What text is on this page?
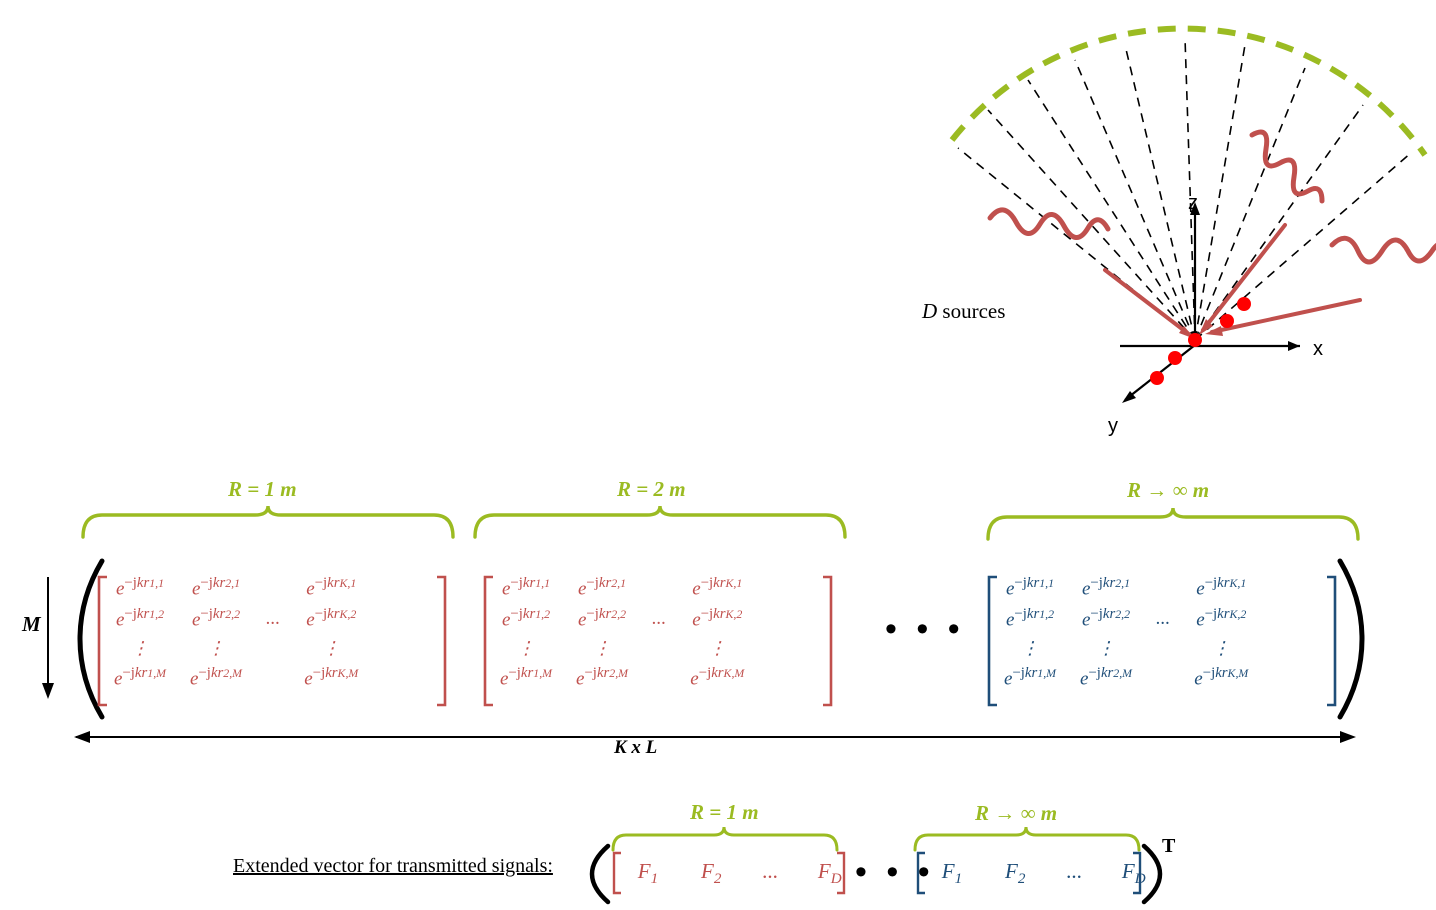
x
y
z
D sources
R = 1 m	R = 2 m	R → ∞ m
$e^{-jkr1,1}$	$e^{-jkr2,1}$		$e^{-jkrK,1}$
$e^{-jkr1,2}$	$e^{-jkr2,2}$	...	$e^{-jkrK,2}$
⋮	⋮		⋮
$e^{-jkr1,M}$	$e^{-jkr2,M}$		$e^{-jkrK,M}$
$e^{-jkr1,1}$	$e^{-jkr2,1}$		$e^{-jkrK,1}$
$e^{-jkr1,2}$	$e^{-jkr2,2}$	...	$e^{-jkrK,2}$
⋮	⋮		⋮
$e^{-jkr1,M}$	$e^{-jkr2,M}$		$e^{-jkrK,M}$
• • •
$e^{-jkr1,1}$	$e^{-jkr2,1}$		$e^{-jkrK,1}$
$e^{-jkr1,2}$	$e^{-jkr2,2}$	...	$e^{-jkrK,2}$
⋮	⋮		⋮
$e^{-jkr1,M}$	$e^{-jkr2,M}$		$e^{-jkrK,M}$
M
K x L
Extended vector for transmitted signals:
R = 1 m	R → ∞ m
T
$F_1$ $F_2$ ... $F_D$ • • • $F_1$ $F_2$ ... $F_D$
